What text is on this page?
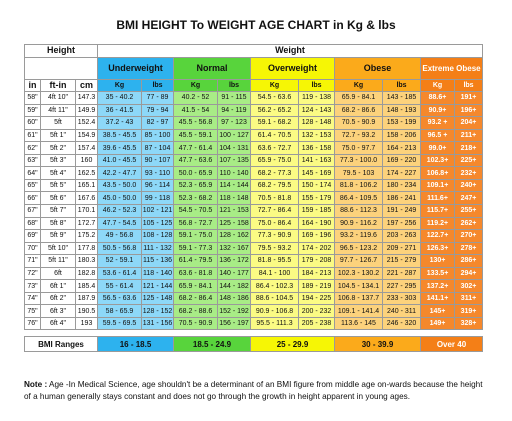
BMI HEIGHT To WEIGHT AGE CHART in Kg & lbs
Height			Weight									
			Underweight		Normal		Overweight		Obese		Extreme Obese	
in	ft-in	cm	Kg	lbs	Kg	lbs	Kg	lbs	Kg	lbs	Kg	lbs
58"	4ft 10"	147.3	35 - 40.2	77 - 89	40.2 - 52	91 - 115	54.5 - 63.6	119 - 138	65.9 - 84.1	143 - 185	88.6+	191+
59"	4ft 11"	149.9	36 - 41.5	79 - 94	41.5 - 54	94 - 119	56.2 - 65.2	124 - 143	68.2 - 86.6	148 - 193	90.9+	196+
60"	5ft	152.4	37.2 - 43	82 - 97	45.5 - 56.8	97 - 123	59.1 - 68.2	128 - 148	70.5 - 90.9	153 - 199	93.2 +	204+
61"	5ft 1"	154.9	38.5 - 45.5	85 - 100	45.5 - 59.1	100 - 127	61.4 - 70.5	132 - 153	72.7 - 93.2	158 - 206	96.5 +	211+
62"	5ft 2"	157.4	39.6 - 45.5	87 - 104	47.7 - 61.4	104 - 131	63.6 - 72.7	136 - 158	75.0 - 97.7	164 - 213	99.0+	218+
63"	5ft 3"	160	41.0 - 45.5	90 - 107	47.7 - 63.6	107 - 135	65.9 - 75.0	141 - 163	77.3 - 100.0	169 - 220	102.3+	225+
64"	5ft 4"	162.5	42.2 - 47.7	93 - 110	50.0 - 65.9	110 - 140	68.2 - 77.3	145 - 169	79.5 - 103	174 - 227	106.8+	232+
65"	5ft 5"	165.1	43.5 - 50.0	96 - 114	52.3 - 65.9	114 - 144	68.2 - 79.5	150 - 174	81.8 - 106.2	180 - 234	109.1+	240+
66"	5ft 6"	167.6	45.0 - 50.0	99 - 118	52.3 - 68.2	118 - 148	70.5 - 81.8	155 - 179	86.4 - 109.5	186 - 241	111.6+	247+
67"	5ft 7"	170.1	46.2 - 52.3	102 - 121	54.5 - 70.5	121 - 153	72.7 - 86.4	159 - 185	88.6 - 112.3	191 - 249	115.7+	255+
68"	5ft 8"	172.7	47.7 - 54.5	105 - 125	56.8 - 72.7	125 - 158	75.0 - 86.4	164 - 190	90.9 - 116.2	197 - 256	119.2+	262+
69"	5ft 9"	175.2	49 - 56.8	108 - 128	59.1 - 75.0	128 - 162	77.3 - 90.9	169 - 196	93.2 - 119.6	203 - 263	122.7+	270+
70"	5ft 10"	177.8	50.5 - 56.8	111 - 132	59.1 - 77.3	132 - 167	79.5 - 93.2	174 - 202	96.5 - 123.2	209 - 271	126.3+	278+
71"	5ft 11"	180.3	52 - 59.1	115 - 136	61.4 - 79.5	136 - 172	81.8 - 95.5	179 - 208	97.7 - 126.7	215 - 279	130+	286+
72"	6ft	182.8	53.6 - 61.4	118 - 140	63.6 - 81.8	140 - 177	84.1 - 100	184 - 213	102.3 - 130.2	221 - 287	133.5+	294+
73"	6ft 1"	185.4	55 - 61.4	121 - 144	65.9 - 84.1	144 - 182	86.4 - 102.3	189 - 219	104.5 - 134.1	227 - 295	137.2+	302+
74"	6ft 2"	187.9	56.5 - 63.6	125 - 148	68.2 - 86.4	148 - 186	88.6 - 104.5	194 - 225	106.8 - 137.7	233 - 303	141.1+	311+
75"	6ft 3"	190.5	58 - 65.9	128 - 152	68.2 - 88.6	152 - 192	90.9 - 106.8	200 - 232	109.1 - 141.4	240 - 311	145+	319+
76"	6ft 4"	193	59.5 - 69.5	131 - 156	70.5 - 90.9	156 - 197	95.5 - 111.3	205 - 238	113.6 - 145	246 - 320	149+	328+

BMI Ranges			16 - 18.5		18.5 - 24.9		25 - 29.9		30 - 39.9		Over 40	
Note : Age -In Medical Science, age shouldn't be a determinant of an BMI figure from middle age on-wards because the height of a human generally stays constant and does not go through the growth in height apparent in young ages.
